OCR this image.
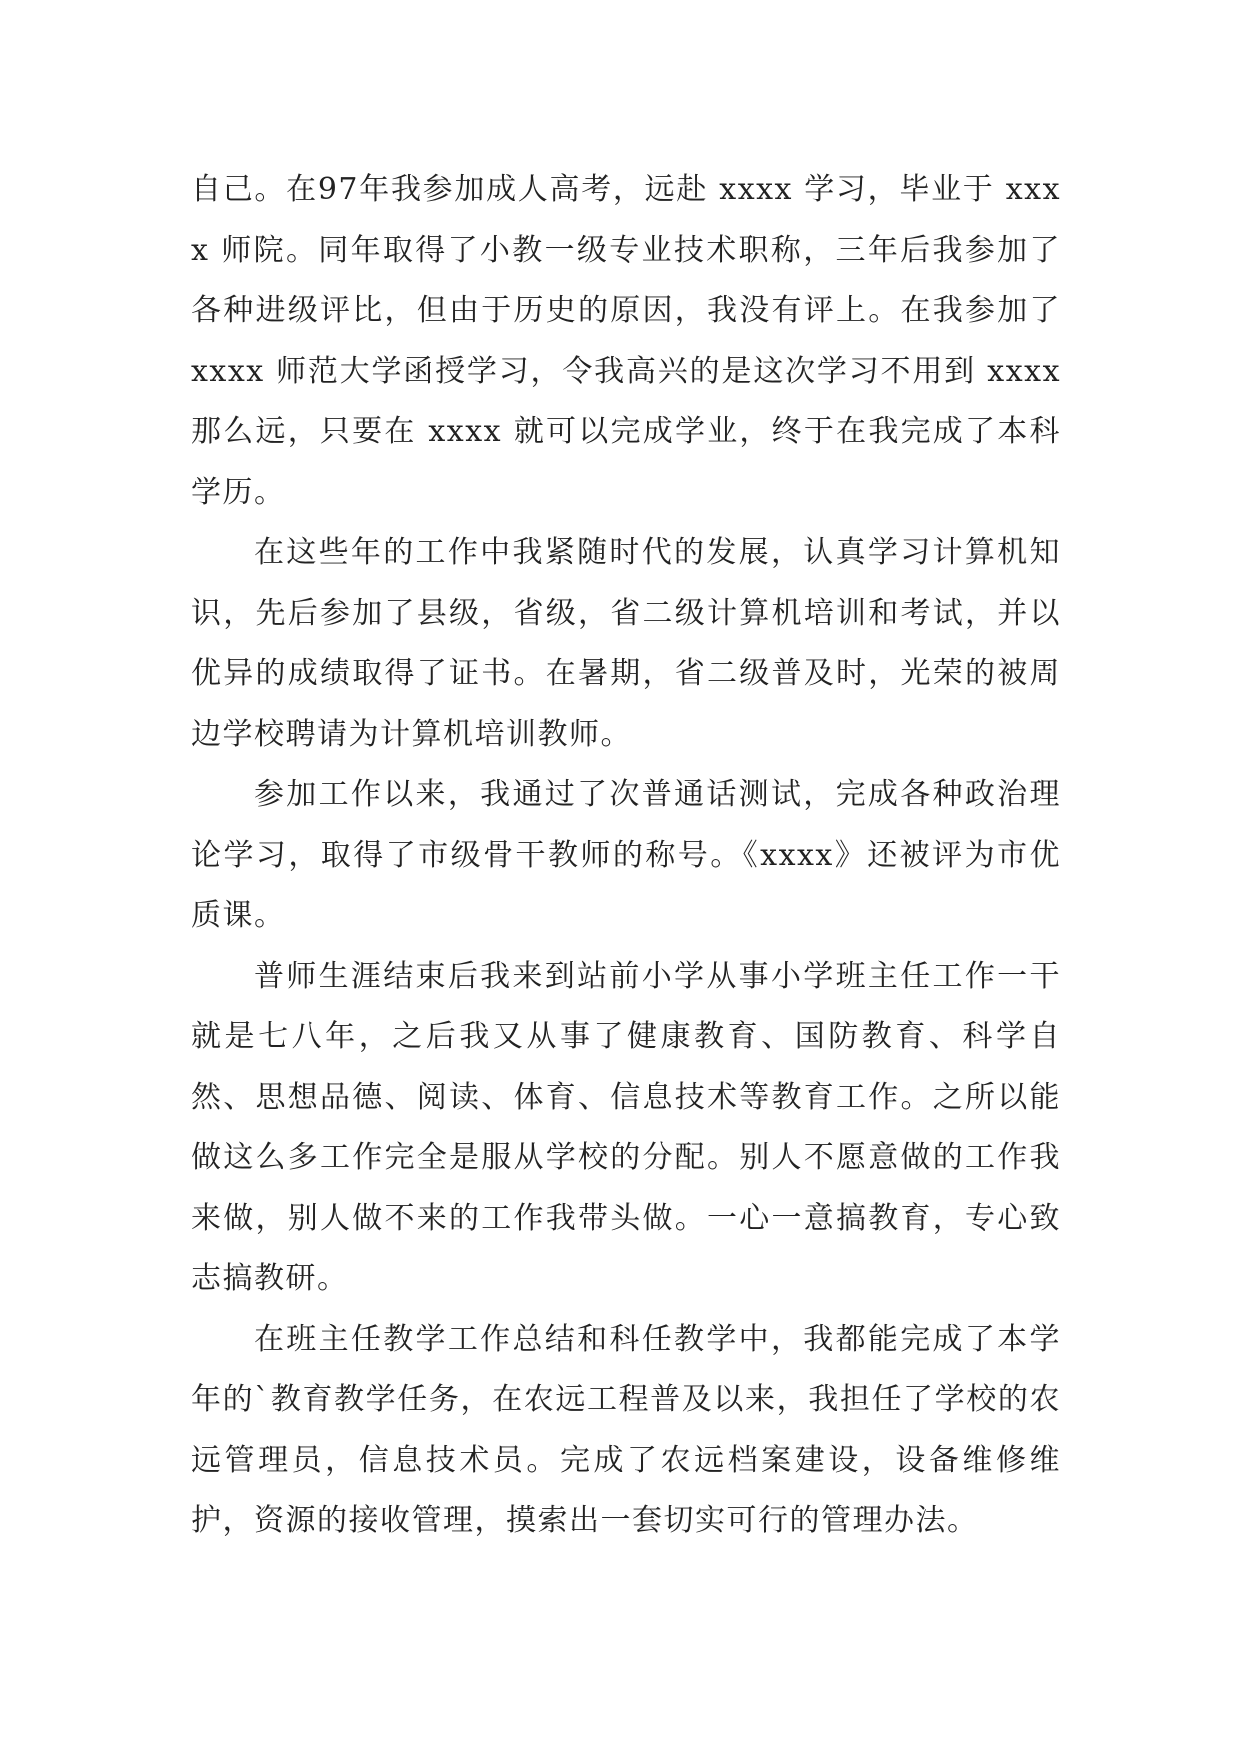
自己。在97年我参加成人高考，远赴 xxxx 学习，毕业于 xxxx 师院。同年取得了小教一级专业技术职称，三年后我参加了各种进级评比，但由于历史的原因，我没有评上。在我参加了 xxxx 师范大学函授学习，令我高兴的是这次学习不用到 xxxx 那么远，只要在 xxxx 就可以完成学业，终于在我完成了本科学历。

在这些年的工作中我紧随时代的发展，认真学习计算机知识，先后参加了县级，省级，省二级计算机培训和考试，并以优异的成绩取得了证书。在暑期，省二级普及时，光荣的被周边学校聘请为计算机培训教师。

参加工作以来，我通过了次普通话测试，完成各种政治理论学习，取得了市级骨干教师的称号。《xxxx》还被评为市优质课。

普师生涯结束后我来到站前小学从事小学班主任工作一干就是七八年，之后我又从事了健康教育、国防教育、科学自然、思想品德、阅读、体育、信息技术等教育工作。之所以能做这么多工作完全是服从学校的分配。别人不愿意做的工作我来做，别人做不来的工作我带头做。一心一意搞教育，专心致志搞教研。

在班主任教学工作总结和科任教学中，我都能完成了本学年的`教育教学任务，在农远工程普及以来，我担任了学校的农远管理员，信息技术员。完成了农远档案建设，设备维修维护，资源的接收管理，摸索出一套切实可行的管理办法。
